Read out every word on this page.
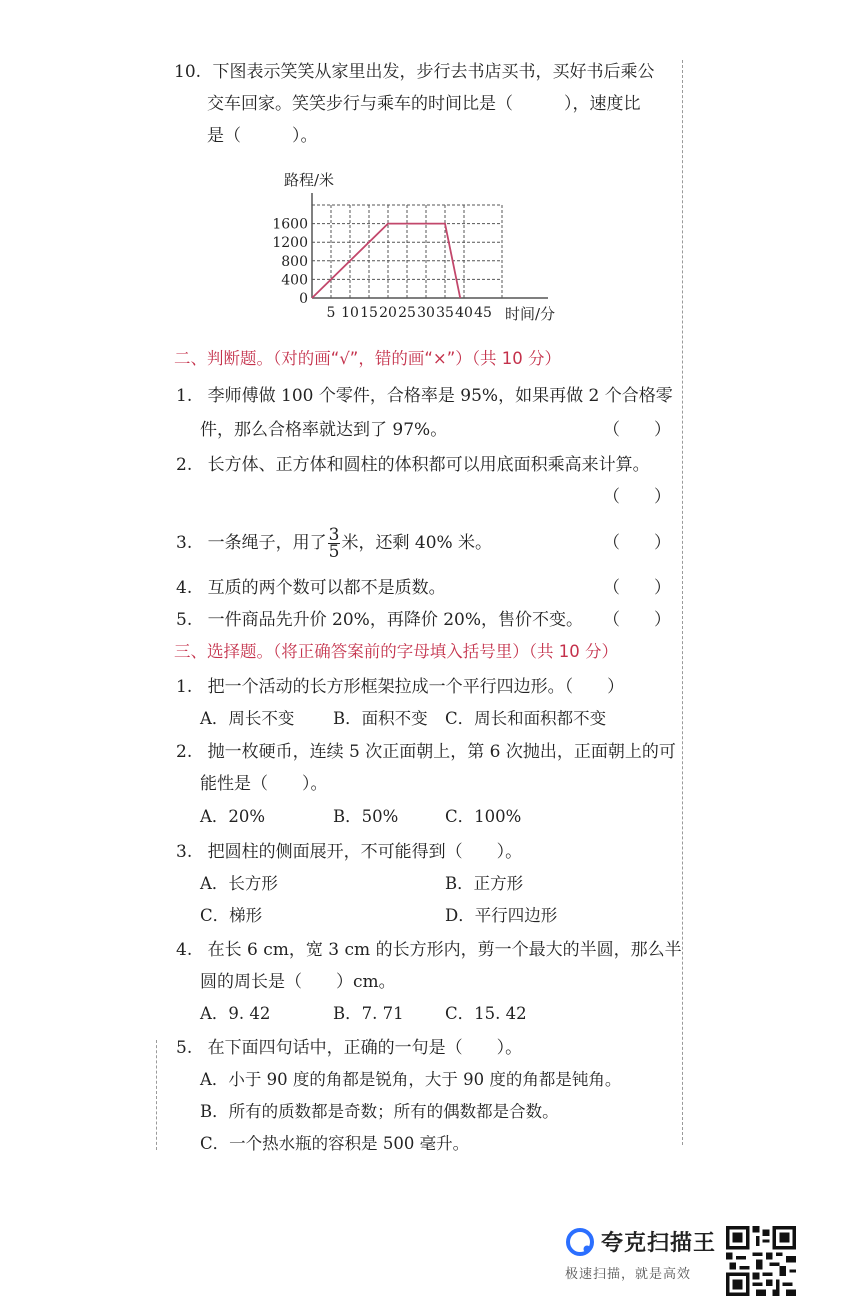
10. 下图表示笑笑从家里出发，步行去书店买书，买好书后乘公
交车回家。笑笑步行与乘车的时间比是（　　　），速度比
是（　　　）。
路程/米
时间/分
0
400
800
1200
1600
5 10 15 20 25 30 35 40 45
二、判断题。（对的画“√”，错的画“×”）（共 10 分）
1. 李师傅做 100 个零件，合格率是 95%，如果再做 2 个合格零
件，那么合格率就达到了 97%。	（　　）
2. 长方体、正方体和圆柱的体积都可以用底面积乘高来计算。
（　　）
3. 一条绳子，用了 $\frac{3}{5}$ 米，还剩 40% 米。	（　　）
4. 互质的两个数可以都不是质数。	（　　）
5. 一件商品先升价 20%，再降价 20%，售价不变。 （　　）
三、选择题。（将正确答案前的字母填入括号里）（共 10 分）
1. 把一个活动的长方形框架拉成一个平行四边形。（　　）
A．周长不变 B．面积不变 C．周长和面积都不变
2. 抛一枚硬币，连续 5 次正面朝上，第 6 次抛出，正面朝上的可
能性是（　　）。
A．20%	B．50%	C．100%
3. 把圆柱的侧面展开，不可能得到（　　）。
A．长方形	B．正方形
C．梯形	D．平行四边形
4. 在长 6 cm，宽 3 cm 的长方形内，剪一个最大的半圆，那么半
圆的周长是（　　）cm。
A．9. 42	B．7. 71	C．15. 42
5. 在下面四句话中，正确的一句是（　　）。
A．小于 90 度的角都是锐角，大于 90 度的角都是钝角。
B．所有的质数都是奇数；所有的偶数都是合数。
C．一个热水瓶的容积是 500 毫升。
夸克扫描王
极速扫描，就是高效
